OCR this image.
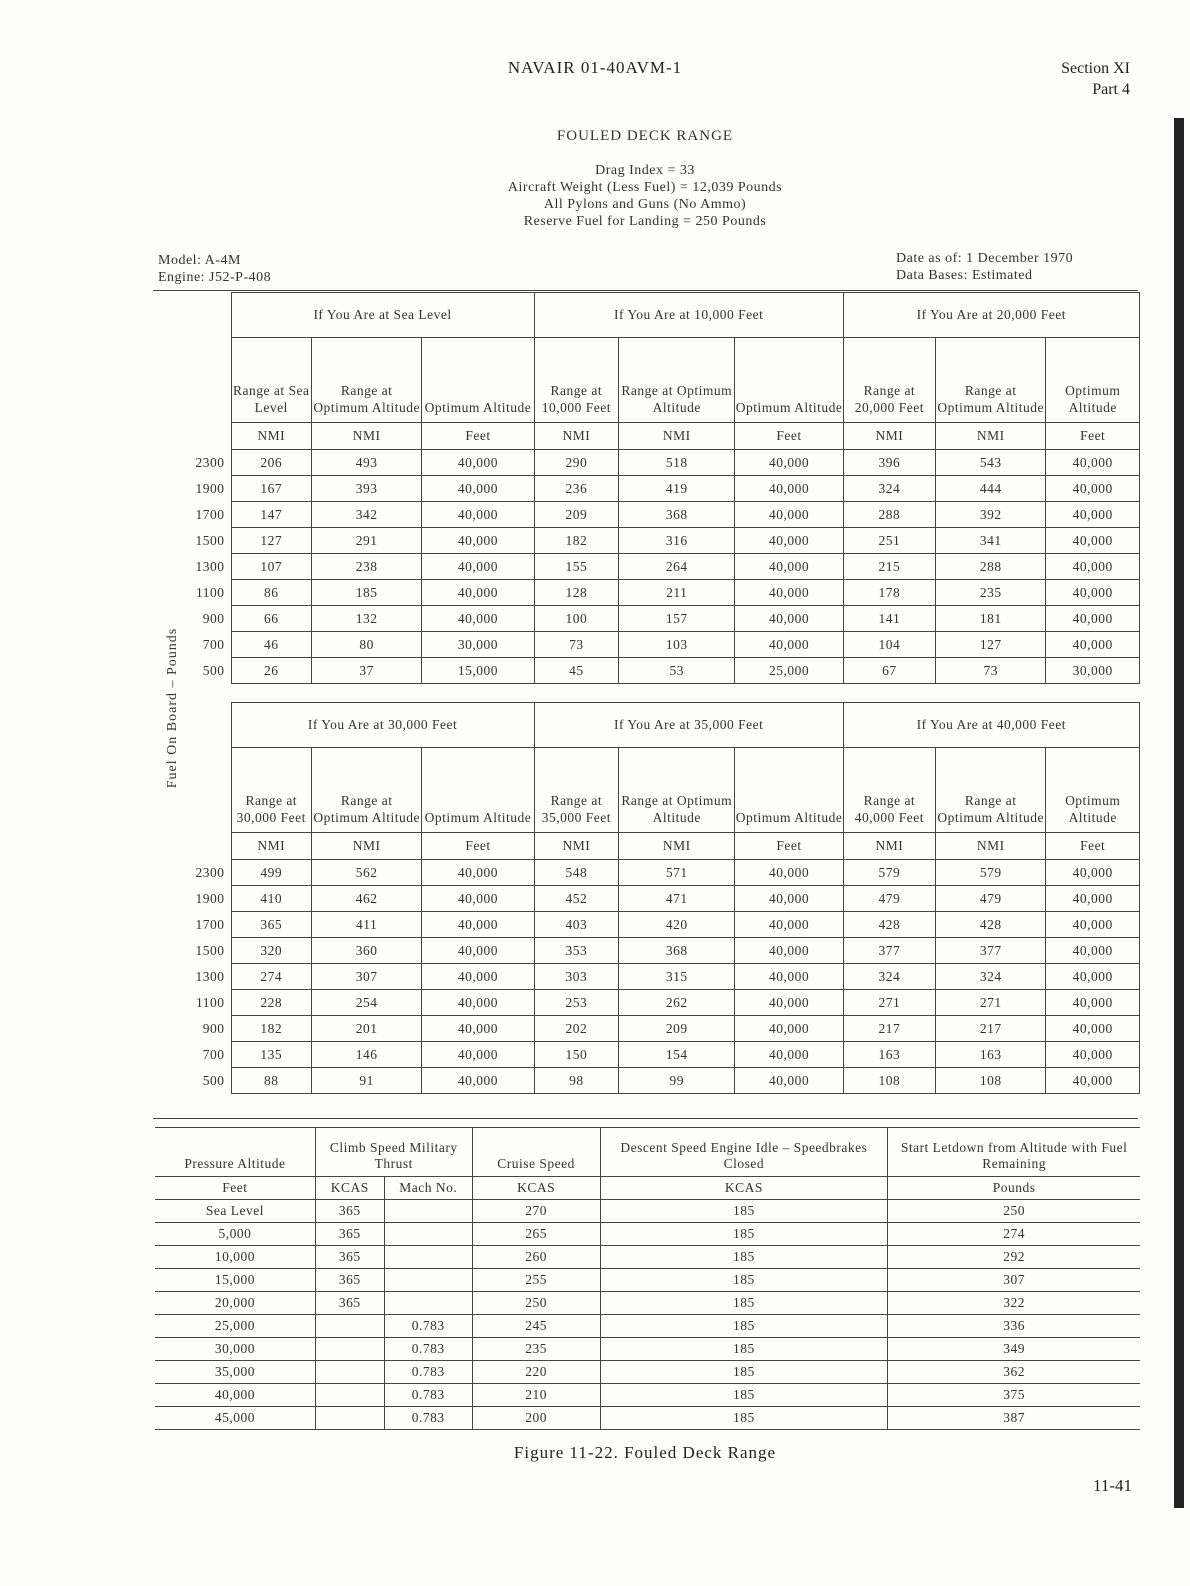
NAVAIR 01-40AVM-1	Section XI
Part 4
FOULED DECK RANGE
Drag Index = 33
Aircraft Weight (Less Fuel) = 12,039 Pounds
All Pylons and Guns (No Ammo)
Reserve Fuel for Landing = 250 Pounds
Model: A-4M
Engine: J52-P-408
Date as of: 1 December 1970
Data Bases: Estimated
Fuel On Board – Pounds
	If You Are at Sea Level			If You Are at 10,000 Feet			If You Are at 20,000 Feet		
	Range at Sea Level	Range at Optimum Altitude	Optimum Altitude	Range at 10,000 Feet	Range at Optimum Altitude	Optimum Altitude	Range at 20,000 Feet	Range at Optimum Altitude	Optimum Altitude
	NMI	NMI	Feet	NMI	NMI	Feet	NMI	NMI	Feet
2300	206	493	40,000	290	518	40,000	396	543	40,000
1900	167	393	40,000	236	419	40,000	324	444	40,000
1700	147	342	40,000	209	368	40,000	288	392	40,000
1500	127	291	40,000	182	316	40,000	251	341	40,000
1300	107	238	40,000	155	264	40,000	215	288	40,000
1100	86	185	40,000	128	211	40,000	178	235	40,000
900	66	132	40,000	100	157	40,000	141	181	40,000
700	46	80	30,000	73	103	40,000	104	127	40,000
500	26	37	15,000	45	53	25,000	67	73	30,000
	If You Are at 30,000 Feet			If You Are at 35,000 Feet			If You Are at 40,000 Feet		
	Range at 30,000 Feet	Range at Optimum Altitude	Optimum Altitude	Range at 35,000 Feet	Range at Optimum Altitude	Optimum Altitude	Range at 40,000 Feet	Range at Optimum Altitude	Optimum Altitude
	NMI	NMI	Feet	NMI	NMI	Feet	NMI	NMI	Feet
2300	499	562	40,000	548	571	40,000	579	579	40,000
1900	410	462	40,000	452	471	40,000	479	479	40,000
1700	365	411	40,000	403	420	40,000	428	428	40,000
1500	320	360	40,000	353	368	40,000	377	377	40,000
1300	274	307	40,000	303	315	40,000	324	324	40,000
1100	228	254	40,000	253	262	40,000	271	271	40,000
900	182	201	40,000	202	209	40,000	217	217	40,000
700	135	146	40,000	150	154	40,000	163	163	40,000
500	88	91	40,000	98	99	40,000	108	108	40,000
Pressure Altitude	Climb Speed Military Thrust		Cruise Speed	Descent Speed Engine Idle – Speedbrakes Closed	Start Letdown from Altitude with Fuel Remaining
Feet	KCAS	Mach No.	KCAS	KCAS	Pounds
Sea Level	365		270	185	250
5,000	365		265	185	274
10,000	365		260	185	292
15,000	365		255	185	307
20,000	365		250	185	322
25,000		0.783	245	185	336
30,000		0.783	235	185	349
35,000		0.783	220	185	362
40,000		0.783	210	185	375
45,000		0.783	200	185	387
Figure 11-22. Fouled Deck Range
11-41
